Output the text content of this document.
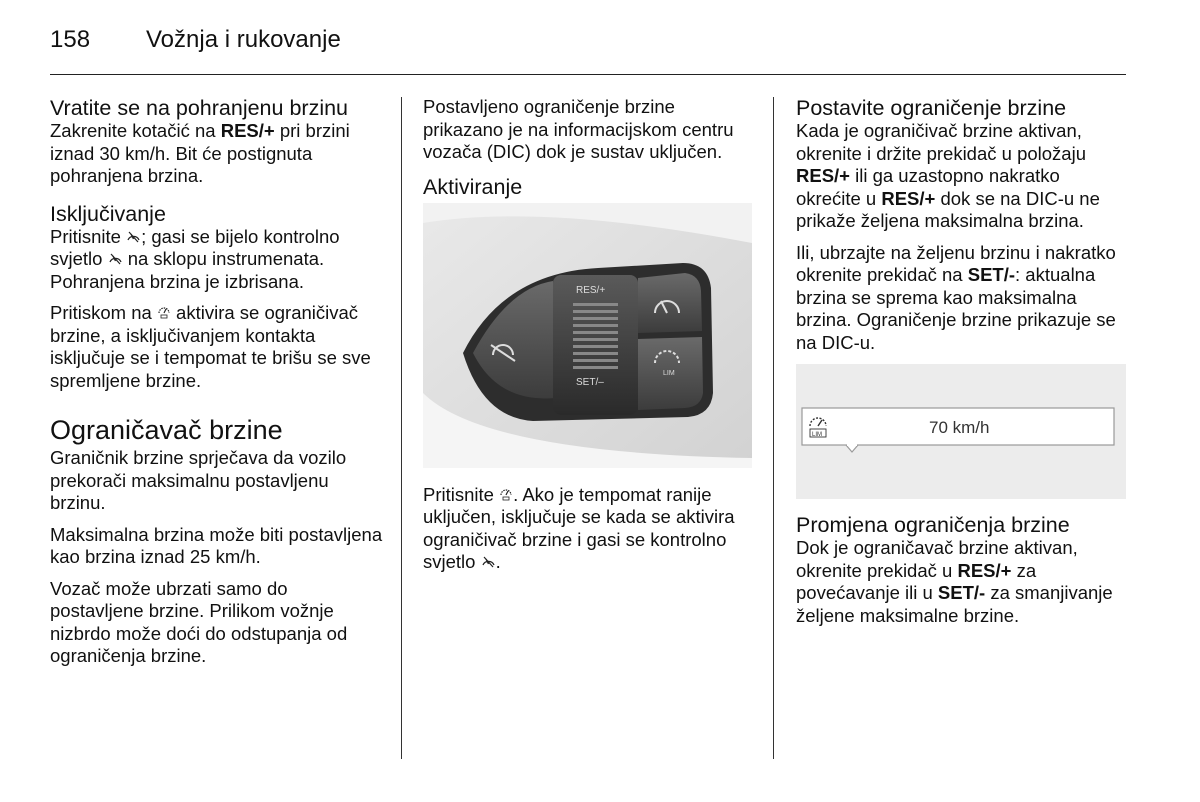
158 Vožnja i rukovanje
Vratite se na pohranjenu brzinu

Zakrenite kotačić na RES/+ pri brzini iznad 30 km/h. Bit će postignuta pohranjena brzina.

Isključivanje

Pritisnite ; gasi se bijelo kontrolno svjetlo  na sklopu instrumenata. Pohranjena brzina je izbrisana.

Pritiskom na  aktivira se ograničivač brzine, a isključivanjem kontakta isključuje se i tempomat te brišu se sve spremljene brzine.

Ograničavač brzine

Graničnik brzine sprječava da vozilo prekorači maksimalnu postavljenu brzinu.

Maksimalna brzina može biti postavljena kao brzina iznad 25 km/h.

Vozač može ubrzati samo do postavljene brzine. Prilikom vožnje nizbrdo može doći do odstupanja od ograničenja brzine.

Postavljeno ograničenje brzine prikazano je na informacijskom centru vozača (DIC) dok je sustav uključen.

Aktiviranje
RES/+
SET/–
LIM

Pritisnite . Ako je tempomat ranije uključen, isključuje se kada se aktivira ograničivač brzine i gasi se kontrolno svjetlo .

Postavite ograničenje brzine

Kada je ograničivač brzine aktivan, okrenite i držite prekidač u položaju RES/+ ili ga uzastopno nakratko okrećite u RES/+ dok se na DIC-u ne prikaže željena maksimalna brzina.

Ili, ubrzajte na željenu brzinu i nakratko okrenite prekidač na SET/-: aktualna brzina se sprema kao maksimalna brzina. Ograničenje brzine prikazuje se na DIC-u.

LIM	70 km/h
Promjena ograničenja brzine

Dok je ograničavač brzine aktivan, okrenite prekidač u RES/+ za povećavanje ili u SET/- za smanjivanje željene maksimalne brzine.
